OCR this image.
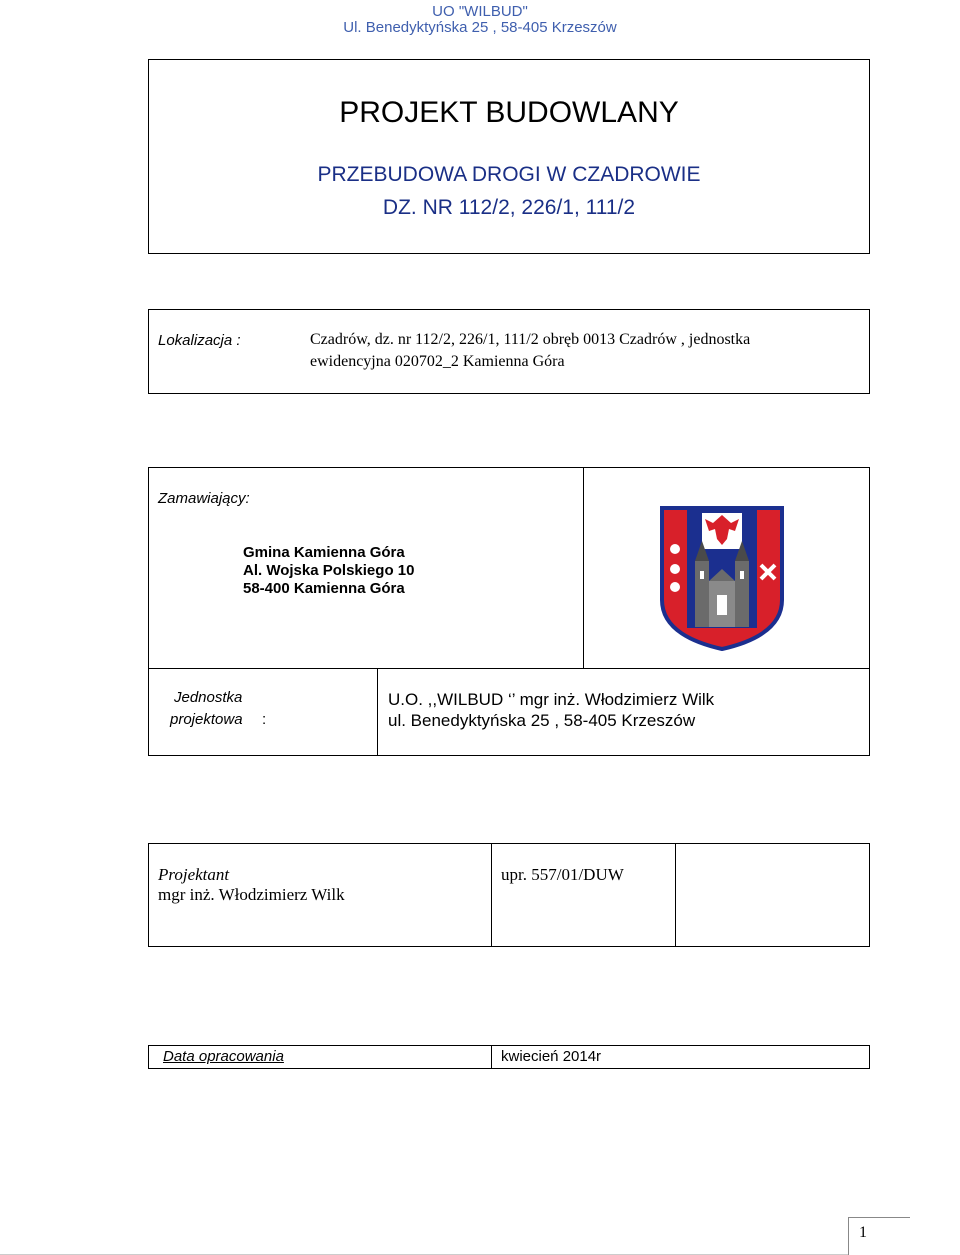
UO "WILBUD"
Ul. Benedyktyńska 25 , 58-405 Krzeszów
PROJEKT BUDOWLANY
PRZEBUDOWA DROGI W CZADROWIE
DZ. NR 112/2, 226/1, 111/2
Lokalizacja :	Czadrów, dz. nr 112/2, 226/1, 111/2 obręb 0013 Czadrów , jednostka
ewidencyjna 020702_2 Kamienna Góra
Zamawiający:
Gmina Kamienna Góra
Al. Wojska Polskiego 10
58-400 Kamienna Góra
Jednostka
projektowa :
U.O. ,,WILBUD ‘’ mgr inż. Włodzimierz Wilk
ul. Benedyktyńska 25 , 58-405 Krzeszów
Projektant
mgr inż. Włodzimierz Wilk
upr. 557/01/DUW
Data opracowania	kwiecień 2014r
1
